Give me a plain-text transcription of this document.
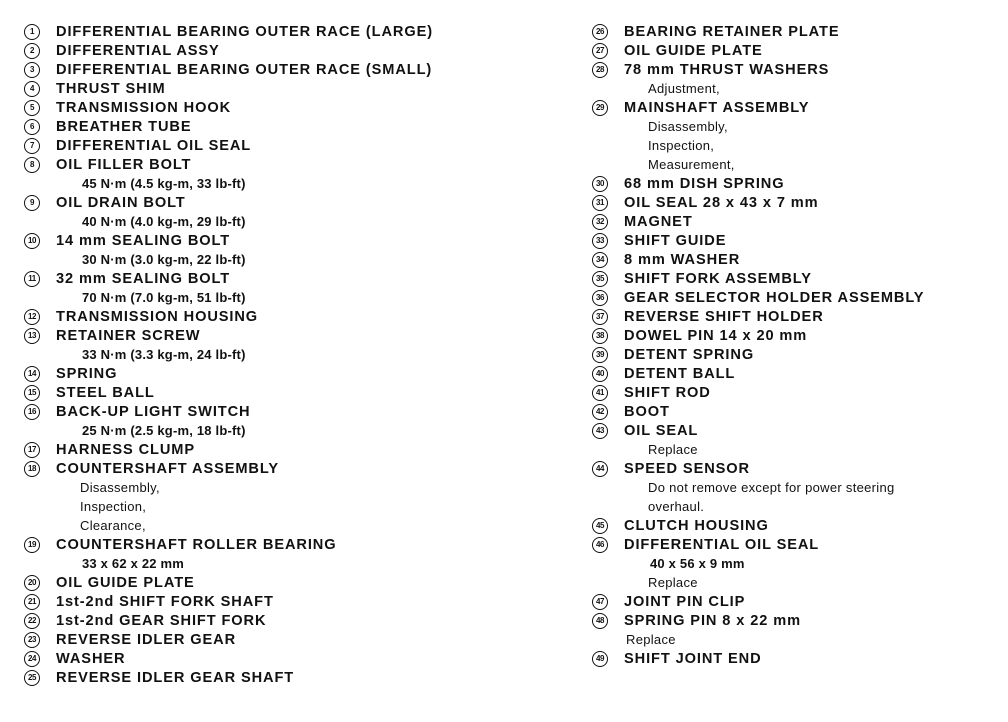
1	DIFFERENTIAL BEARING OUTER RACE (LARGE)
2	DIFFERENTIAL ASSY
3	DIFFERENTIAL BEARING OUTER RACE (SMALL)
4	THRUST SHIM
5	TRANSMISSION HOOK
6	BREATHER TUBE
7	DIFFERENTIAL OIL SEAL
8	OIL FILLER BOLT
45 N·m (4.5 kg-m, 33 lb-ft)
9	OIL DRAIN BOLT
40 N·m (4.0 kg-m, 29 lb-ft)
10 14 mm SEALING BOLT
30 N·m (3.0 kg-m, 22 lb-ft)
11 32 mm SEALING BOLT
70 N·m (7.0 kg-m, 51 lb-ft)
12 TRANSMISSION HOUSING
13 RETAINER SCREW
33 N·m (3.3 kg-m, 24 lb-ft)
14 SPRING
15 STEEL BALL
16 BACK-UP LIGHT SWITCH
25 N·m (2.5 kg-m, 18 lb-ft)
17 HARNESS CLUMP
18 COUNTERSHAFT ASSEMBLY
Disassembly,
Inspection,
Clearance,
19 COUNTERSHAFT ROLLER BEARING
33 x 62 x 22 mm
20 OIL GUIDE PLATE
21 1st-2nd SHIFT FORK SHAFT
22 1st-2nd GEAR SHIFT FORK
23 REVERSE IDLER GEAR
24 WASHER
25 REVERSE IDLER GEAR SHAFT
26 BEARING RETAINER PLATE
27 OIL GUIDE PLATE
28 78 mm THRUST WASHERS
Adjustment,
29 MAINSHAFT ASSEMBLY
Disassembly,
Inspection,
Measurement,
30 68 mm DISH SPRING
31 OIL SEAL 28 x 43 x 7 mm
32 MAGNET
33 SHIFT GUIDE
34 8 mm WASHER
35 SHIFT FORK ASSEMBLY
36 GEAR SELECTOR HOLDER ASSEMBLY
37 REVERSE SHIFT HOLDER
38 DOWEL PIN 14 x 20 mm
39 DETENT SPRING
40 DETENT BALL
41 SHIFT ROD
42 BOOT
43 OIL SEAL
Replace
44 SPEED SENSOR
Do not remove except for power steering
overhaul.
45 CLUTCH HOUSING
46 DIFFERENTIAL OIL SEAL
40 x 56 x 9 mm
Replace
47 JOINT PIN CLIP
48 SPRING PIN 8 x 22 mm
Replace
49 SHIFT JOINT END
